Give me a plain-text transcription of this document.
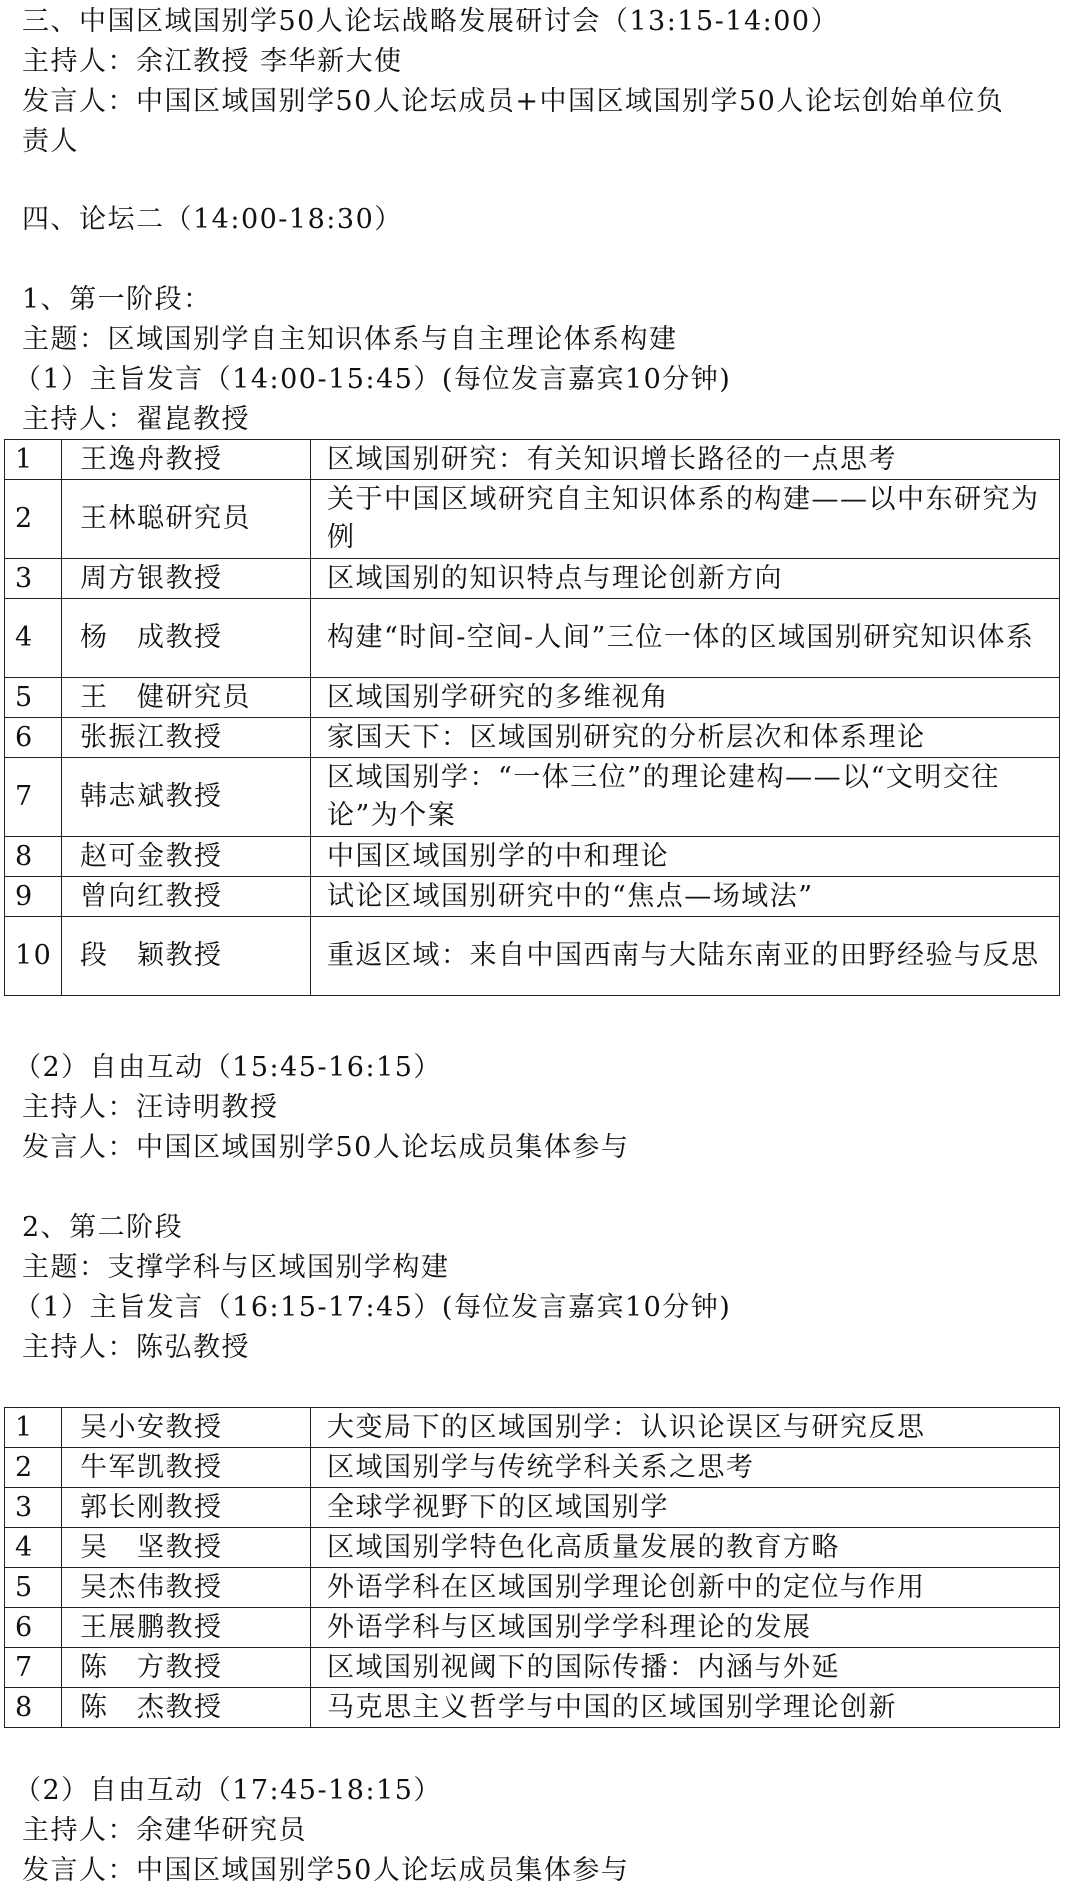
三、中国区域国别学50人论坛战略发展研讨会（13:15-14:00）
主持人：余江教授 李华新大使
发言人：中国区域国别学50人论坛成员+中国区域国别学50人论坛创始单位负
责人
四、论坛二（14:00-18:30）
1、第一阶段：
主题：区域国别学自主知识体系与自主理论体系构建
（1）主旨发言（14:00-15:45）(每位发言嘉宾10分钟)
主持人：翟崑教授
1	王逸舟教授	区域国别研究：有关知识增长路径的一点思考
2	王林聪研究员	关于中国区域研究自主知识体系的构建——以中东研究为例
3	周方银教授	区域国别的知识特点与理论创新方向
4	杨　成教授	构建“时间-空间-人间”三位一体的区域国别研究知识体系
5	王　健研究员	区域国别学研究的多维视角
6	张振江教授	家国天下：区域国别研究的分析层次和体系理论
7	韩志斌教授	区域国别学：“一体三位”的理论建构——以“文明交往论”为个案
8	赵可金教授	中国区域国别学的中和理论
9	曾向红教授	试论区域国别研究中的“焦点—场域法”
10	段　颖教授	重返区域：来自中国西南与大陆东南亚的田野经验与反思
（2）自由互动（15:45-16:15）
主持人：汪诗明教授
发言人：中国区域国别学50人论坛成员集体参与
2、第二阶段
主题：支撑学科与区域国别学构建
（1）主旨发言（16:15-17:45）(每位发言嘉宾10分钟)
主持人：陈弘教授
1	吴小安教授	大变局下的区域国别学：认识论误区与研究反思
2	牛军凯教授	区域国别学与传统学科关系之思考
3	郭长刚教授	全球学视野下的区域国别学
4	吴　坚教授	区域国别学特色化高质量发展的教育方略
5	吴杰伟教授	外语学科在区域国别学理论创新中的定位与作用
6	王展鹏教授	外语学科与区域国别学学科理论的发展
7	陈　方教授	区域国别视阈下的国际传播：内涵与外延
8	陈　杰教授	马克思主义哲学与中国的区域国别学理论创新
（2）自由互动（17:45-18:15）
主持人：余建华研究员
发言人：中国区域国别学50人论坛成员集体参与
